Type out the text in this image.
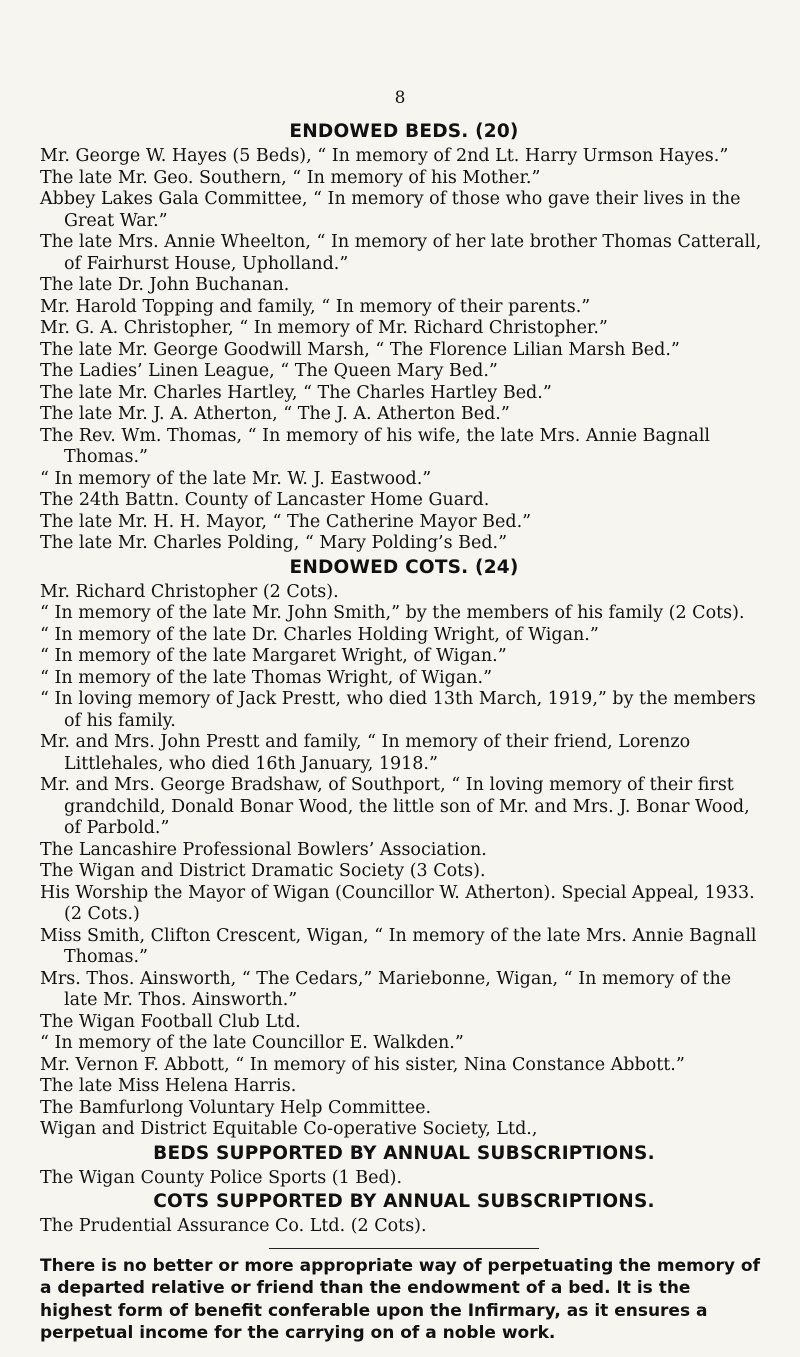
8
ENDOWED BEDS. (20)

Mr. George W. Hayes (5 Beds), “ In memory of 2nd Lt. Harry Urmson Hayes.”

The late Mr. Geo. Southern, “ In memory of his Mother.”

Abbey Lakes Gala Committee, “ In memory of those who gave their lives in the Great War.”

The late Mrs. Annie Wheelton, “ In memory of her late brother Thomas Catterall, of Fairhurst House, Upholland.”

The late Dr. John Buchanan.

Mr. Harold Topping and family, “ In memory of their parents.”

Mr. G. A. Christopher, “ In memory of Mr. Richard Christopher.”

The late Mr. George Goodwill Marsh, “ The Florence Lilian Marsh Bed.”

The Ladies’ Linen League, “ The Queen Mary Bed.”

The late Mr. Charles Hartley, “ The Charles Hartley Bed.”

The late Mr. J. A. Atherton, “ The J. A. Atherton Bed.”

The Rev. Wm. Thomas, “ In memory of his wife, the late Mrs. Annie Bagnall Thomas.”

“ In memory of the late Mr. W. J. Eastwood.”

The 24th Battn. County of Lancaster Home Guard.

The late Mr. H. H. Mayor, “ The Catherine Mayor Bed.”

The late Mr. Charles Polding, “ Mary Polding’s Bed.”

ENDOWED COTS. (24)

Mr. Richard Christopher (2 Cots).

“ In memory of the late Mr. John Smith,” by the members of his family (2 Cots).

“ In memory of the late Dr. Charles Holding Wright, of Wigan.”

“ In memory of the late Margaret Wright, of Wigan.”

“ In memory of the late Thomas Wright, of Wigan.”

“ In loving memory of Jack Prestt, who died 13th March, 1919,” by the members of his family.

Mr. and Mrs. John Prestt and family, “ In memory of their friend, Lorenzo Littlehales, who died 16th January, 1918.”

Mr. and Mrs. George Bradshaw, of Southport, “ In loving memory of their first grandchild, Donald Bonar Wood, the little son of Mr. and Mrs. J. Bonar Wood, of Parbold.”

The Lancashire Professional Bowlers’ Association.

The Wigan and District Dramatic Society (3 Cots).

His Worship the Mayor of Wigan (Councillor W. Atherton). Special Appeal, 1933. (2 Cots.)

Miss Smith, Clifton Crescent, Wigan, “ In memory of the late Mrs. Annie Bagnall Thomas.”

Mrs. Thos. Ainsworth, “ The Cedars,” Mariebonne, Wigan, “ In memory of the late Mr. Thos. Ainsworth.”

The Wigan Football Club Ltd.

“ In memory of the late Councillor E. Walkden.”

Mr. Vernon F. Abbott, “ In memory of his sister, Nina Constance Abbott.”

The late Miss Helena Harris.

The Bamfurlong Voluntary Help Committee.

Wigan and District Equitable Co-operative Society, Ltd.,

BEDS SUPPORTED BY ANNUAL SUBSCRIPTIONS.

The Wigan County Police Sports (1 Bed).

COTS SUPPORTED BY ANNUAL SUBSCRIPTIONS.

The Prudential Assurance Co. Ltd. (2 Cots).

There is no better or more appropriate way of perpetuating the memory of a departed relative or friend than the endowment of a bed. It is the highest form of benefit conferable upon the Infirmary, as it ensures a perpetual income for the carrying on of a noble work.
